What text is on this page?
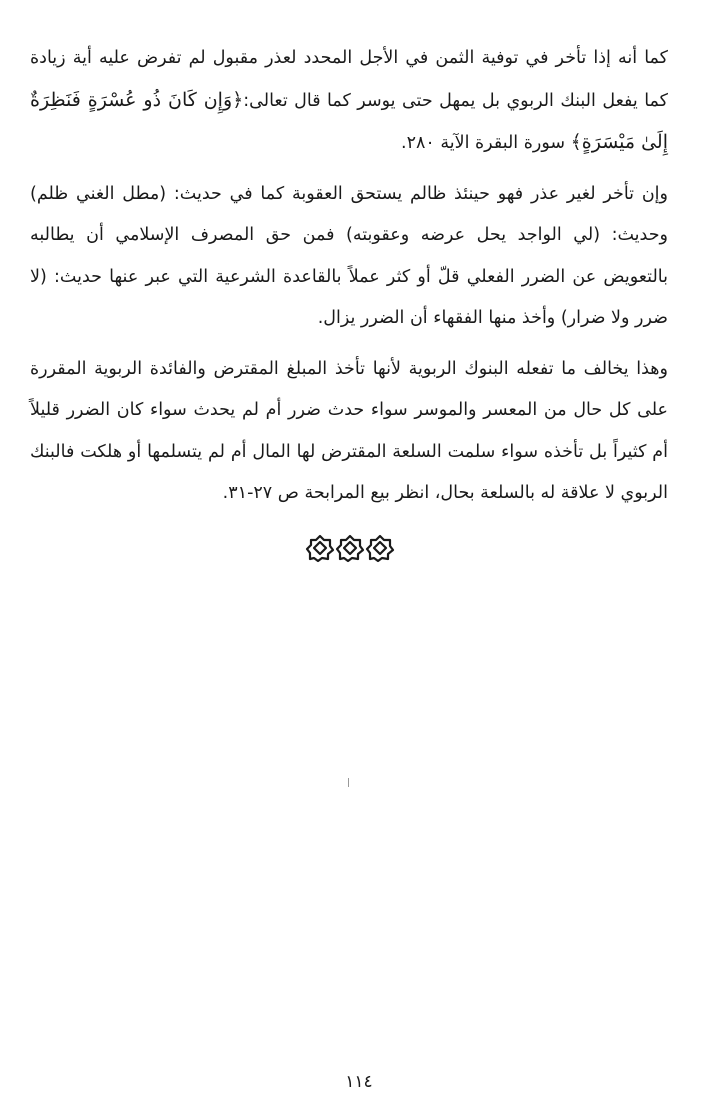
كما أنه إذا تأخر في توفية الثمن في الأجل المحدد لعذر مقبول لم تفرض عليه أية زيادة كما يفعل البنك الربوي بل يمهل حتى يوسر كما قال تعالى:﴿وَإِن كَانَ ذُو عُسْرَةٍ فَنَظِرَةٌ إِلَىٰ مَيْسَرَةٍ﴾ سورة البقرة الآية ٢٨٠.

وإن تأخر لغير عذر فهو حينئذ ظالم يستحق العقوبة كما في حديث: (مطل الغني ظلم) وحديث: (لي الواجد يحل عرضه وعقوبته) فمن حق المصرف الإسلامي أن يطالبه بالتعويض عن الضرر الفعلي قلّ أو كثر عملاً بالقاعدة الشرعية التي عبر عنها حديث: (لا ضرر ولا ضرار) وأخذ منها الفقهاء أن الضرر يزال.

وهذا يخالف ما تفعله البنوك الربوية لأنها تأخذ المبلغ المقترض والفائدة الربوية المقررة على كل حال من المعسر والموسر سواء حدث ضرر أم لم يحدث سواء كان الضرر قليلاً أم كثيراً بل تأخذه سواء سلمت السلعة المقترض لها المال أم لم يتسلمها أو هلكت فالبنك الربوي لا علاقة له بالسلعة بحال، انظر بيع المرابحة ص ٢٧-٣١.

١١٤
